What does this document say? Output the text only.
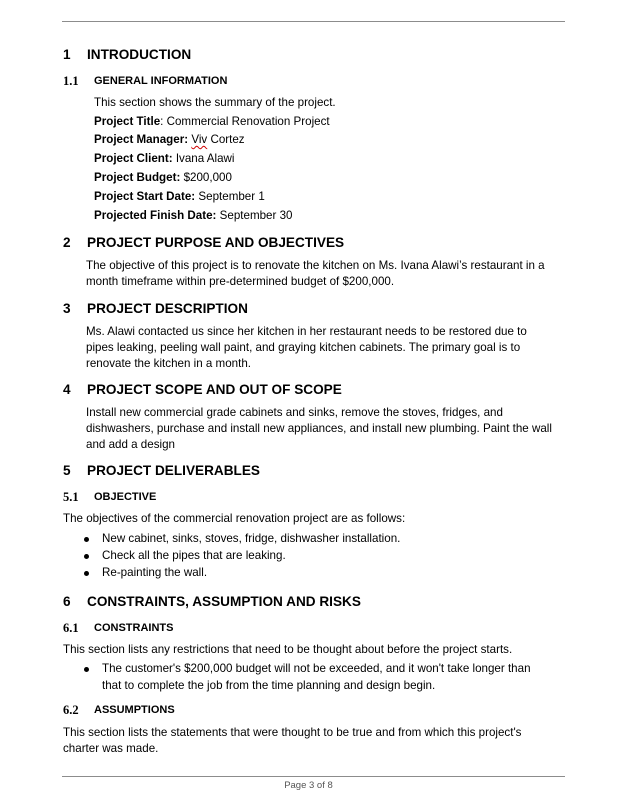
1 INTRODUCTION
1.1 GENERAL INFORMATION
This section shows the summary of the project.
Project Title: Commercial Renovation Project
Project Manager: Viv Cortez
Project Client: Ivana Alawi
Project Budget: $200,000
Project Start Date: September 1
Projected Finish Date: September 30
2 PROJECT PURPOSE AND OBJECTIVES
The objective of this project is to renovate the kitchen on Ms. Ivana Alawi’s restaurant in a
month timeframe within pre-determined budget of $200,000.
3 PROJECT DESCRIPTION
Ms. Alawi contacted us since her kitchen in her restaurant needs to be restored due to
pipes leaking, peeling wall paint, and graying kitchen cabinets. The primary goal is to
renovate the kitchen in a month.
4 PROJECT SCOPE AND OUT OF SCOPE
Install new commercial grade cabinets and sinks, remove the stoves, fridges, and
dishwashers, purchase and install new appliances, and install new plumbing. Paint the wall
and add a design
5 PROJECT DELIVERABLES
5.1 OBJECTIVE
The objectives of the commercial renovation project are as follows:
New cabinet, sinks, stoves, fridge, dishwasher installation.
Check all the pipes that are leaking.
Re-painting the wall.
6 CONSTRAINTS, ASSUMPTION AND RISKS
6.1 CONSTRAINTS
This section lists any restrictions that need to be thought about before the project starts.
The customer's $200,000 budget will not be exceeded, and it won't take longer than
that to complete the job from the time planning and design begin.
6.2 ASSUMPTIONS
This section lists the statements that were thought to be true and from which this project's
charter was made.
Page 3 of 8
